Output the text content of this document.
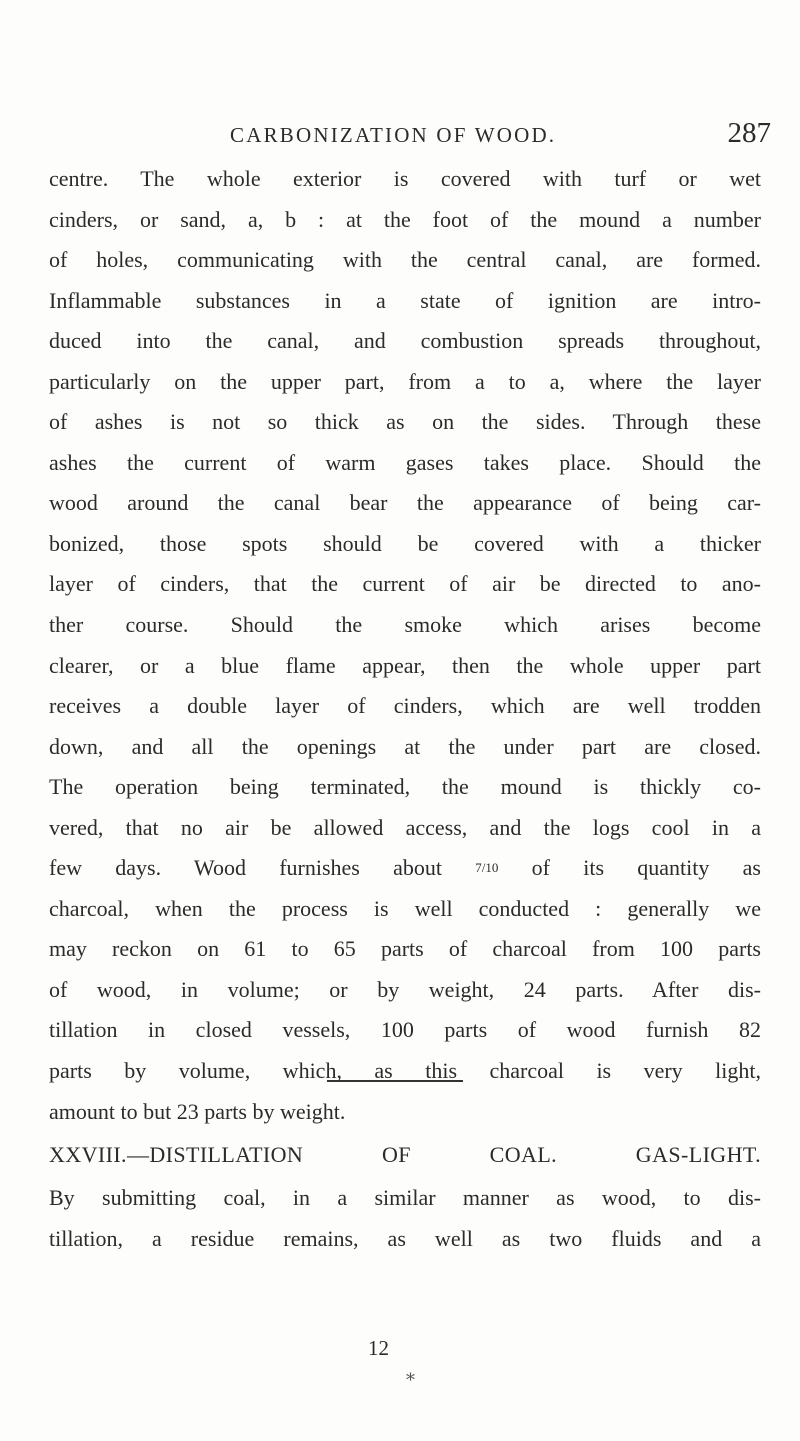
CARBONIZATION OF WOOD.	287
centre. The whole exterior is covered with turf or wet
cinders, or sand, a, b : at the foot of the mound a number
of holes, communicating with the central canal, are formed.
Inflammable substances in a state of ignition are intro-
duced into the canal, and combustion spreads throughout,
particularly on the upper part, from a to a, where the layer
of ashes is not so thick as on the sides. Through these
ashes the current of warm gases takes place. Should the
wood around the canal bear the appearance of being car-
bonized, those spots should be covered with a thicker
layer of cinders, that the current of air be directed to ano-
ther course. Should the smoke which arises become
clearer, or a blue flame appear, then the whole upper part
receives a double layer of cinders, which are well trodden
down, and all the openings at the under part are closed.
The operation being terminated, the mound is thickly co-
vered, that no air be allowed access, and the logs cool in a
few days. Wood furnishes about	7/10 of its quantity as
charcoal, when the process is well conducted : generally we
may reckon on 61 to 65 parts of charcoal from 100 parts
of wood, in volume; or by weight, 24 parts. After dis-
tillation in closed vessels, 100 parts of wood furnish 82
parts by volume, which, as this charcoal is very light,
amount to but 23 parts by weight.
XXVIII.—DISTILLATION OF COAL. GAS-LIGHT.
By submitting coal, in a similar manner as wood, to dis-
tillation, a residue remains, as well as two fluids and a
12
*
